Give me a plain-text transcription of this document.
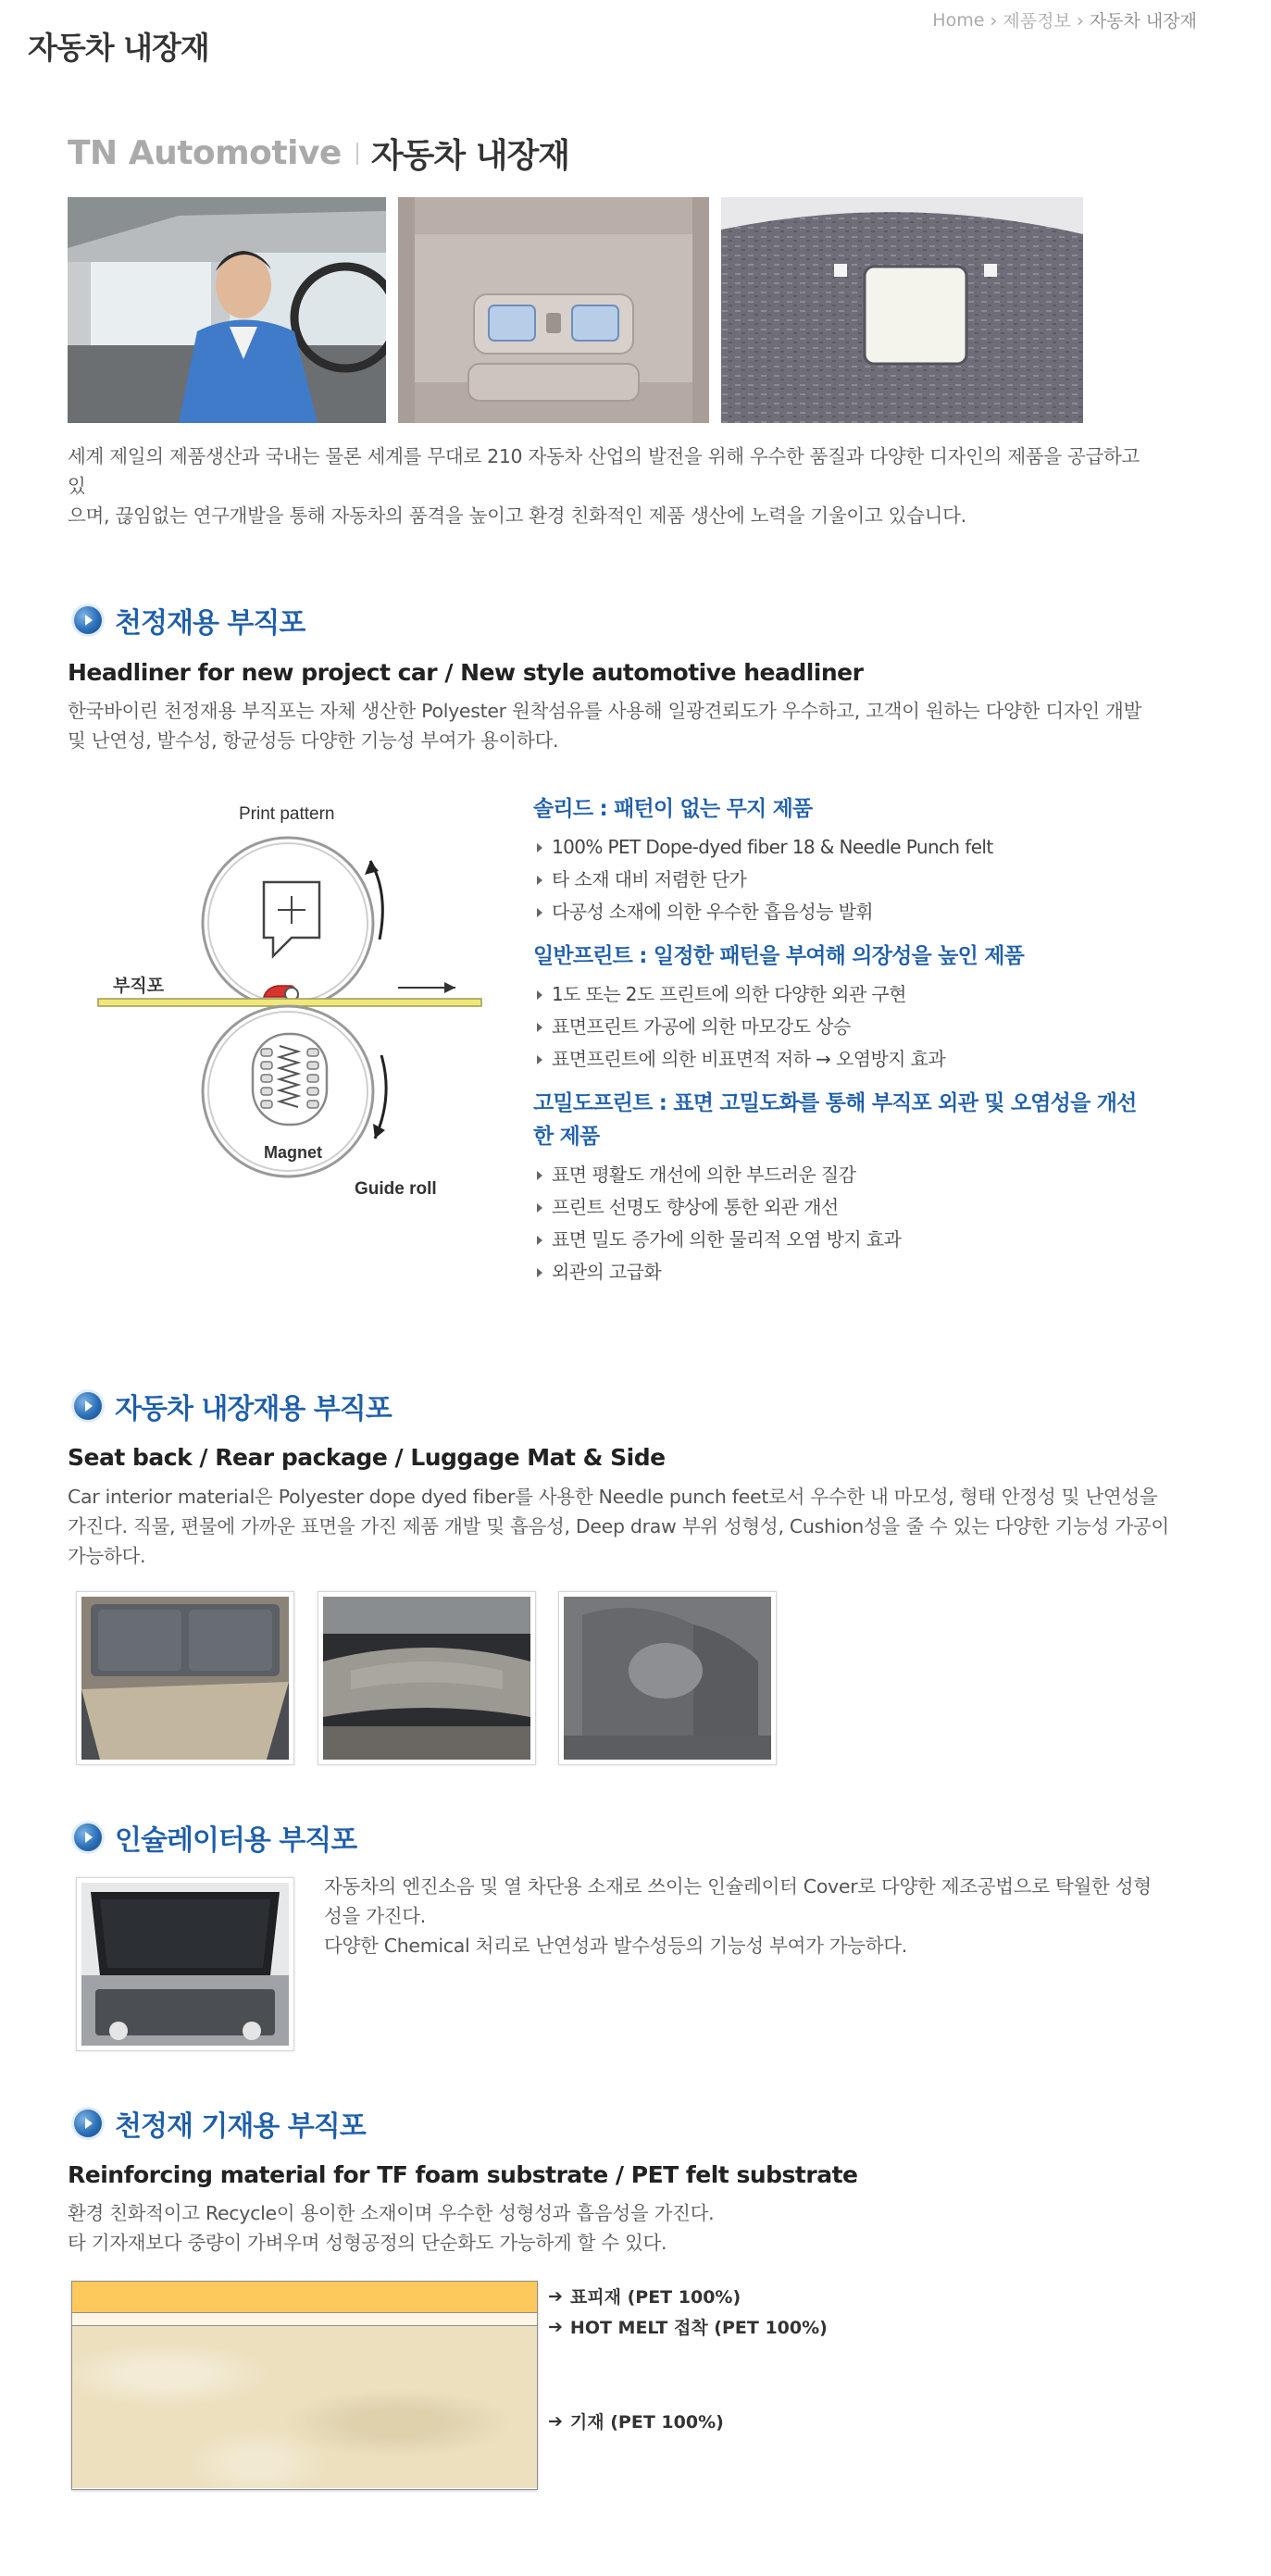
자동차 내장재
Home › 제품정보 › 자동차 내장재
TN Automotive 자동차 내장재

세계 제일의 제품생산과 국내는 물론 세계를 무대로 210 자동차 산업의 발전을 위해 우수한 품질과 다양한 디자인의 제품을 공급하고 있

으며, 끊임없는 연구개발을 통해 자동차의 품격을 높이고 환경 친화적인 제품 생산에 노력을 기울이고 있습니다.

천정재용 부직포
Headliner for new project car / New style automotive headliner

한국바이린 천정재용 부직포는 자체 생산한 Polyester 원착섬유를 사용해 일광견뢰도가 우수하고, 고객이 원하는 다양한 디자인 개발

및 난연성, 발수성, 항균성등 다양한 기능성 부여가 용이하다.

Print pattern
부직포
Magnet
Guide roll
솔리드 : 패턴이 없는 무지 제품
100% PET Dope-dyed fiber 18 & Needle Punch felt
타 소재 대비 저렴한 단가
다공성 소재에 의한 우수한 흡음성능 발휘
일반프린트 : 일정한 패턴을 부여해 의장성을 높인 제품
1도 또는 2도 프린트에 의한 다양한 외관 구현
표면프린트 가공에 의한 마모강도 상승
표면프린트에 의한 비표면적 저하 → 오염방지 효과
고밀도프린트 : 표면 고밀도화를 통해 부직포 외관 및 오염성을 개선
한 제품
표면 평활도 개선에 의한 부드러운 질감
프린트 선명도 향상에 통한 외관 개선
표면 밀도 증가에 의한 물리적 오염 방지 효과
외관의 고급화
자동차 내장재용 부직포
Seat back / Rear package / Luggage Mat & Side

Car interior material은 Polyester dope dyed fiber를 사용한 Needle punch feet로서 우수한 내 마모성, 형태 안정성 및 난연성을

가진다. 직물, 편물에 가까운 표면을 가진 제품 개발 및 흡음성, Deep draw 부위 성형성, Cushion성을 줄 수 있는 다양한 기능성 가공이

가능하다.

인슐레이터용 부직포

자동차의 엔진소음 및 열 차단용 소재로 쓰이는 인슐레이터 Cover로 다양한 제조공법으로 탁월한 성형

성을 가진다.

다양한 Chemical 처리로 난연성과 발수성등의 기능성 부여가 가능하다.

천정재 기재용 부직포
Reinforcing material for TF foam substrate / PET felt substrate

환경 친화적이고 Recycle이 용이한 소재이며 우수한 성형성과 흡음성을 가진다.

타 기자재보다 중량이 가벼우며 성형공정의 단순화도 가능하게 할 수 있다.

➔ 표피재 (PET 100%)
➔ HOT MELT 접착 (PET 100%)
➔ 기재 (PET 100%)
